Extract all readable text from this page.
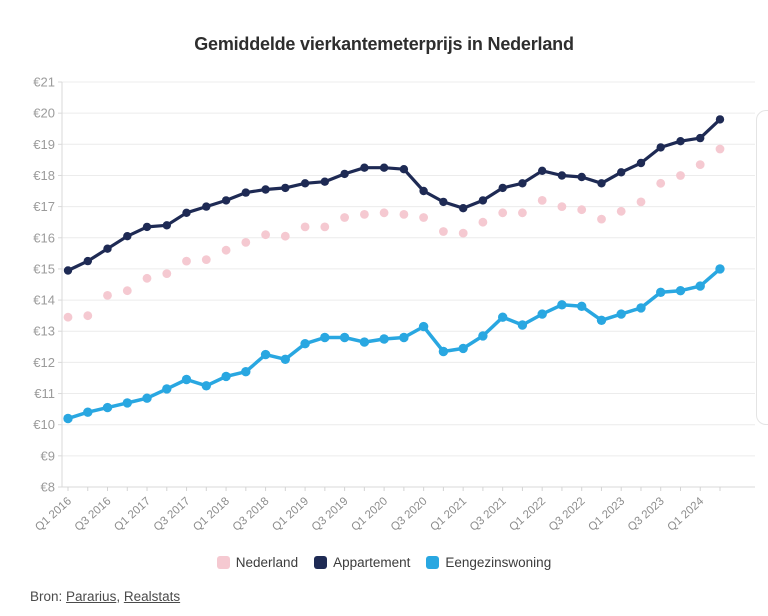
Gemiddelde vierkantemeterprijs in Nederland
€8
€9
€10
€11
€12
€13
€14
€15
€16
€17
€18
€19
€20
€21
Q1 2016
Q3 2016
Q1 2017
Q3 2017
Q1 2018
Q3 2018
Q1 2019
Q3 2019
Q1 2020
Q3 2020
Q1 2021
Q3 2021
Q1 2022
Q3 2022
Q1 2023
Q3 2023
Q1 2024
Nederland	Appartement	Eengezinswoning
Bron: Pararius, Realstats
